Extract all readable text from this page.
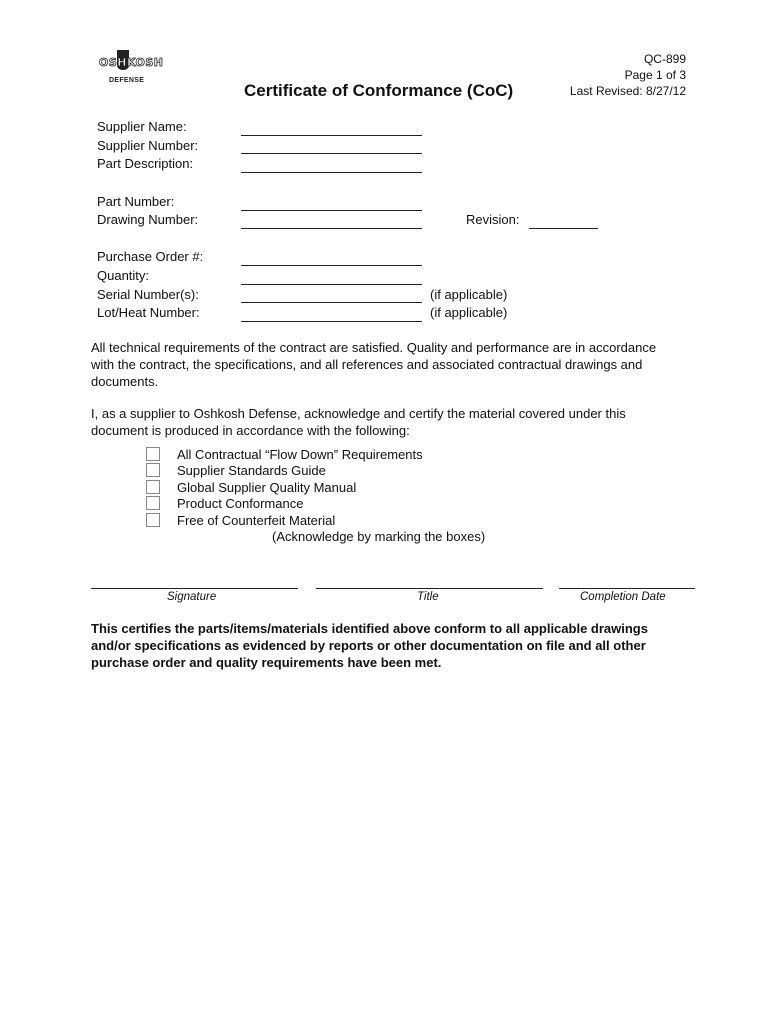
OSHKOSH
DEFENSE
QC-899
Page 1 of 3
Last Revised: 8/27/12
Certificate of Conformance (CoC)
Supplier Name:
Supplier Number:
Part Description:
Part Number:
Drawing Number:	Revision:
Purchase Order #:
Quantity:
Serial Number(s):	(if applicable)
Lot/Heat Number:	(if applicable)
All technical requirements of the contract are satisfied. Quality and performance are in accordance with the contract, the specifications, and all references and associated contractual drawings and documents.
I, as a supplier to Oshkosh Defense, acknowledge and certify the material covered under this document is produced in accordance with the following:
All Contractual “Flow Down” Requirements
Supplier Standards Guide
Global Supplier Quality Manual
Product Conformance
Free of Counterfeit Material
(Acknowledge by marking the boxes)
Signature	Title	Completion Date
This certifies the parts/items/materials identified above conform to all applicable drawings and/or specifications as evidenced by reports or other documentation on file and all other purchase order and quality requirements have been met.
